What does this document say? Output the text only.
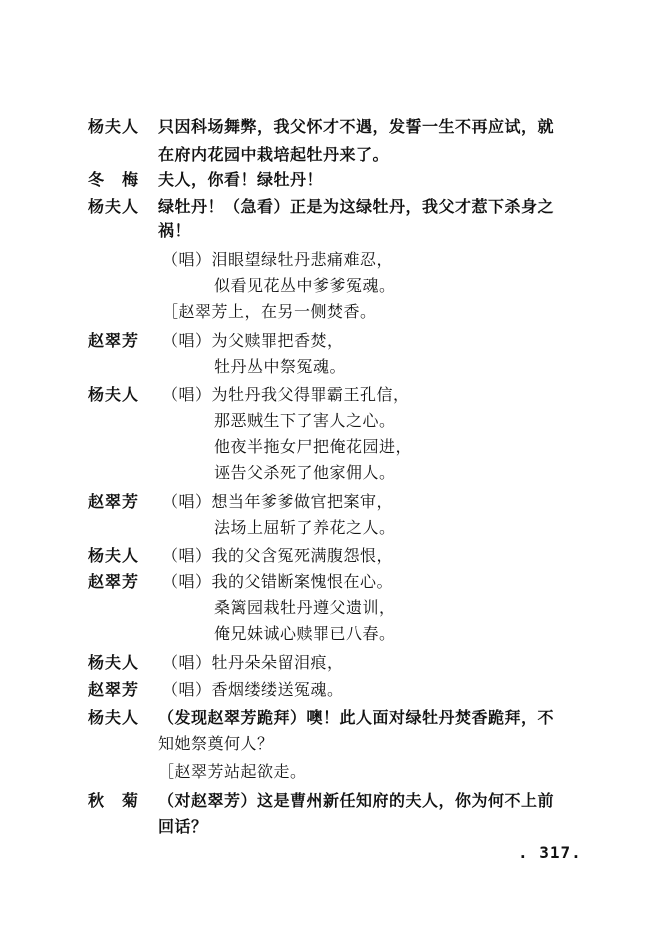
杨夫人 只因科场舞弊，我父怀才不遇，发誓一生不再应试，就
在府内花园中栽培起牡丹来了。
冬　梅 夫人，你看！绿牡丹！
杨夫人 绿牡丹！（急看）正是为这绿牡丹，我父才惹下杀身之
祸！
（唱）泪眼望绿牡丹悲痛难忍，
似看见花丛中爹爹冤魂。
［赵翠芳上，在另一侧焚香。
赵翠芳 （唱）为父赎罪把香焚，
牡丹丛中祭冤魂。
杨夫人 （唱）为牡丹我父得罪霸王孔信，
那恶贼生下了害人之心。
他夜半拖女尸把俺花园进，
诬告父杀死了他家佣人。
赵翠芳 （唱）想当年爹爹做官把案审，
法场上屈斩了养花之人。
杨夫人 （唱）我的父含冤死满腹怨恨，
赵翠芳 （唱）我的父错断案愧恨在心。
桑篱园栽牡丹遵父遗训，
俺兄妹诚心赎罪已八春。
杨夫人 （唱）牡丹朵朵留泪痕，
赵翠芳 （唱）香烟缕缕送冤魂。
杨夫人 （发现赵翠芳跪拜）噢！此人面对绿牡丹焚香跪拜，不
知她祭奠何人？
［赵翠芳站起欲走。
秋　菊 （对赵翠芳）这是曹州新任知府的夫人，你为何不上前
回话？
. 317.
